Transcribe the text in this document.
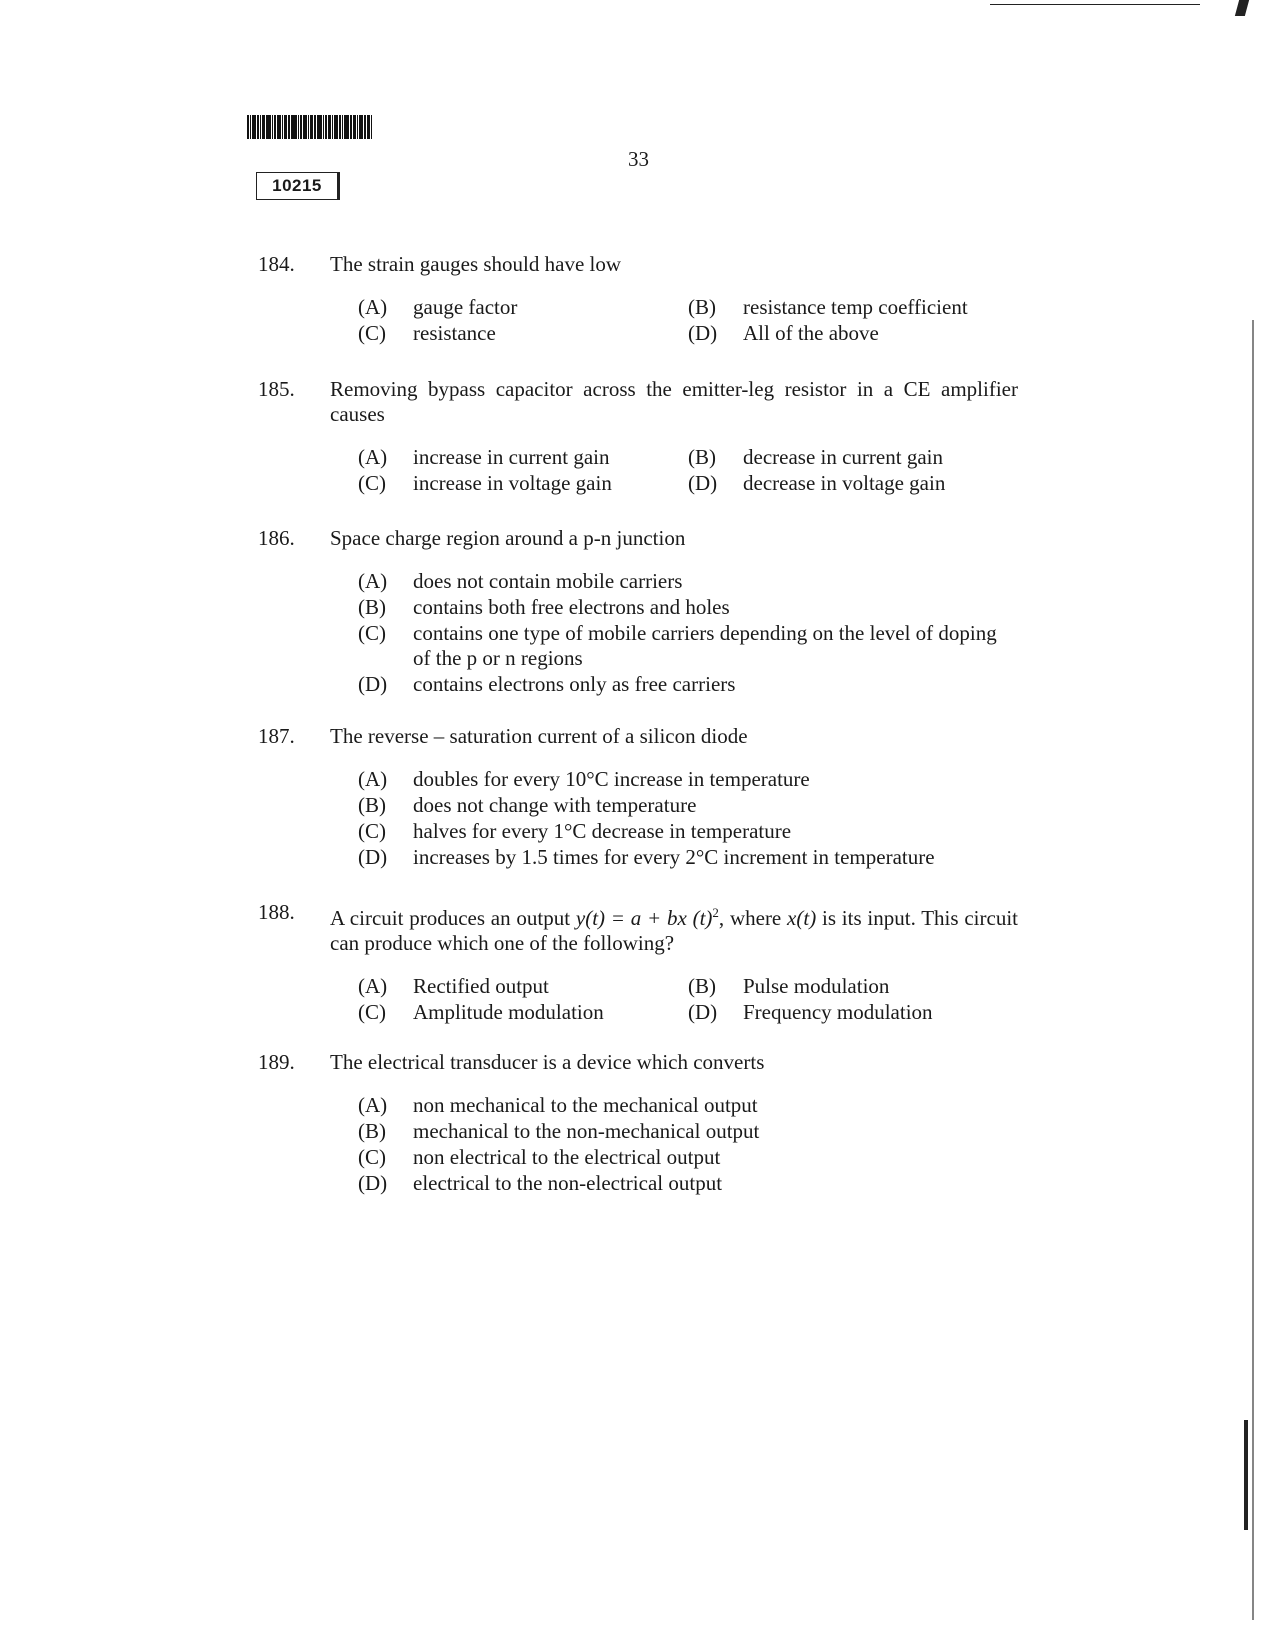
33
10215
184. The strain gauges should have low
(A)	gauge factor	(B)	resistance temp coefficient
(C)	resistance	(D)	All of the above
185. Removing bypass capacitor across the emitter-leg resistor in a CE amplifier causes
(A)	increase in current gain	(B)	decrease in current gain
(C)	increase in voltage gain	(D)	decrease in voltage gain
186. Space charge region around a p-n junction
(A)	does not contain mobile carriers
(B)	contains both free electrons and holes
(C)	contains one type of mobile carriers depending on the level of doping of the p or n regions
(D)	contains electrons only as free carriers
187. The reverse – saturation current of a silicon diode
(A)	doubles for every 10°C increase in temperature
(B)	does not change with temperature
(C)	halves for every 1°C decrease in temperature
(D)	increases by 1.5 times for every 2°C increment in temperature
188. A circuit produces an output y(t) = a + bx $(t)^2$, where x(t) is its input. This circuit can produce which one of the following?
(A)	Rectified output	(B)	Pulse modulation
(C)	Amplitude modulation	(D)	Frequency modulation
189. The electrical transducer is a device which converts
(A)	non mechanical to the mechanical output
(B)	mechanical to the non-mechanical output
(C)	non electrical to the electrical output
(D)	electrical to the non-electrical output
